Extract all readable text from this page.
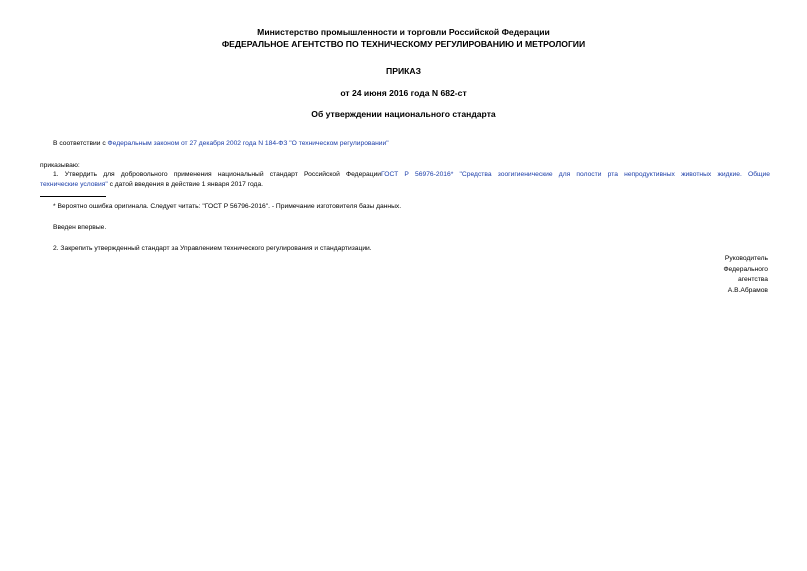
Министерство промышленности и торговли Российской Федерации
ФЕДЕРАЛЬНОЕ АГЕНТСТВО ПО ТЕХНИЧЕСКОМУ РЕГУЛИРОВАНИЮ И МЕТРОЛОГИИ
ПРИКАЗ
от 24 июня 2016 года N 682-ст
Об утверждении национального стандарта
В соответствии с Федеральным законом от 27 декабря 2002 года N 184-ФЗ "О техническом регулировании"
приказываю:
1. Утвердить для добровольного применения национальный стандарт Российской ФедерацииГОСТ Р 56976-2016* "Средства зоогигиенические для полости рта непродуктивных животных жидкие. Общие
технические условия" с датой введения в действие 1 января 2017 года.
* Вероятно ошибка оригинала. Следует читать: "ГОСТ Р 56796-2016". - Примечание изготовителя базы данных.
Введен впервые.
2. Закрепить утвержденный стандарт за Управлением технического регулирования и стандартизации.
Руководитель
Федерального
агентства
А.В.Абрамов
